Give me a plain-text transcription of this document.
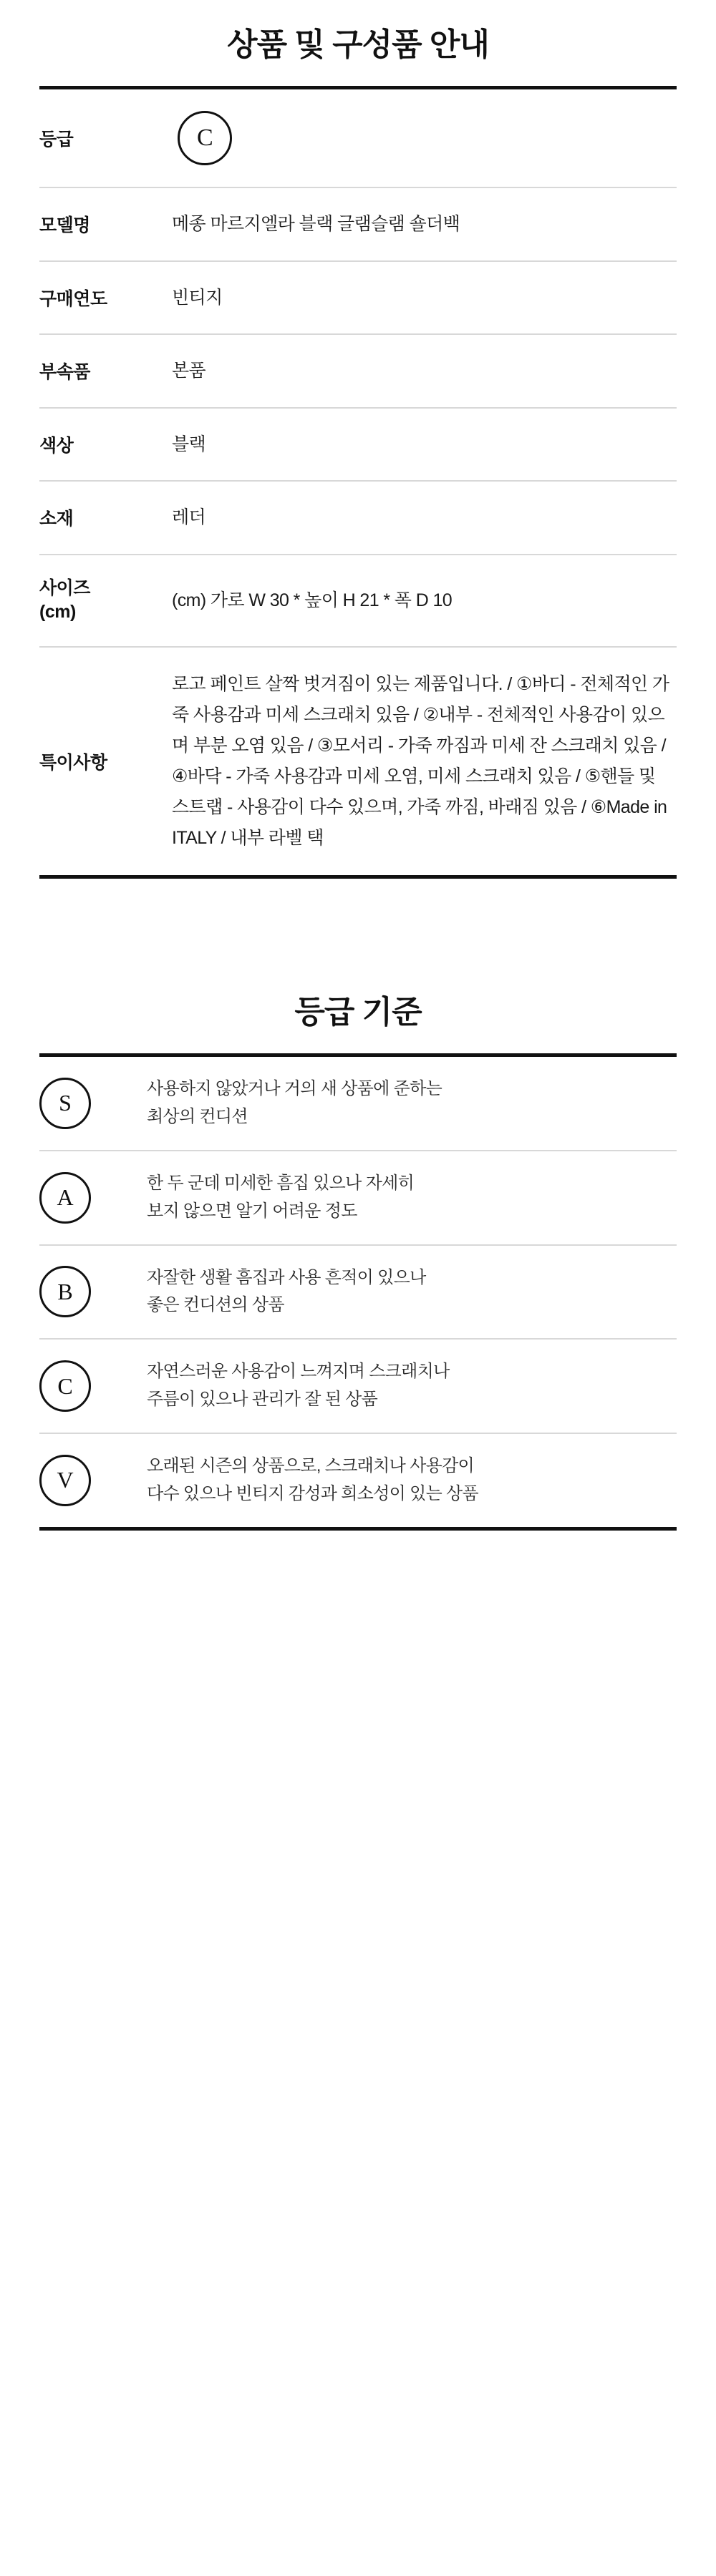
상품 및 구성품 안내
등급	C

모델명	메종 마르지엘라 블랙 글램슬램 숄더백
구매연도	빈티지
부속품	본품
색상	블랙
소재	레더

사이즈
(cm)	(cm) 가로 W 30 * 높이 H 21 * 폭 D 10
특이사항	로고 페인트 살짝 벗겨짐이 있는 제품입니다. / ①바디 - 전체적인 가죽 사용감과 미세 스크래치 있음 / ②내부 - 전체적인 사용감이 있으며 부분 오염 있음 / ③모서리 - 가죽 까짐과 미세 잔 스크래치 있음 / ④바닥 - 가죽 사용감과 미세 오염, 미세 스크래치 있음 / ⑤핸들 및 스트랩 - 사용감이 다수 있으며, 가죽 까짐, 바래짐 있음 / ⑥Made in ITALY / 내부 라벨 택
등급 기준
S	사용하지 않았거나 거의 새 상품에 준하는
최상의 컨디션

A	한 두 군데 미세한 흠집 있으나 자세히
보지 않으면 알기 어려운 정도

B	자잘한 생활 흠집과 사용 흔적이 있으나
좋은 컨디션의 상품

C	자연스러운 사용감이 느껴지며 스크래치나
주름이 있으나 관리가 잘 된 상품

V	오래된 시즌의 상품으로, 스크래치나 사용감이
다수 있으나 빈티지 감성과 희소성이 있는 상품
